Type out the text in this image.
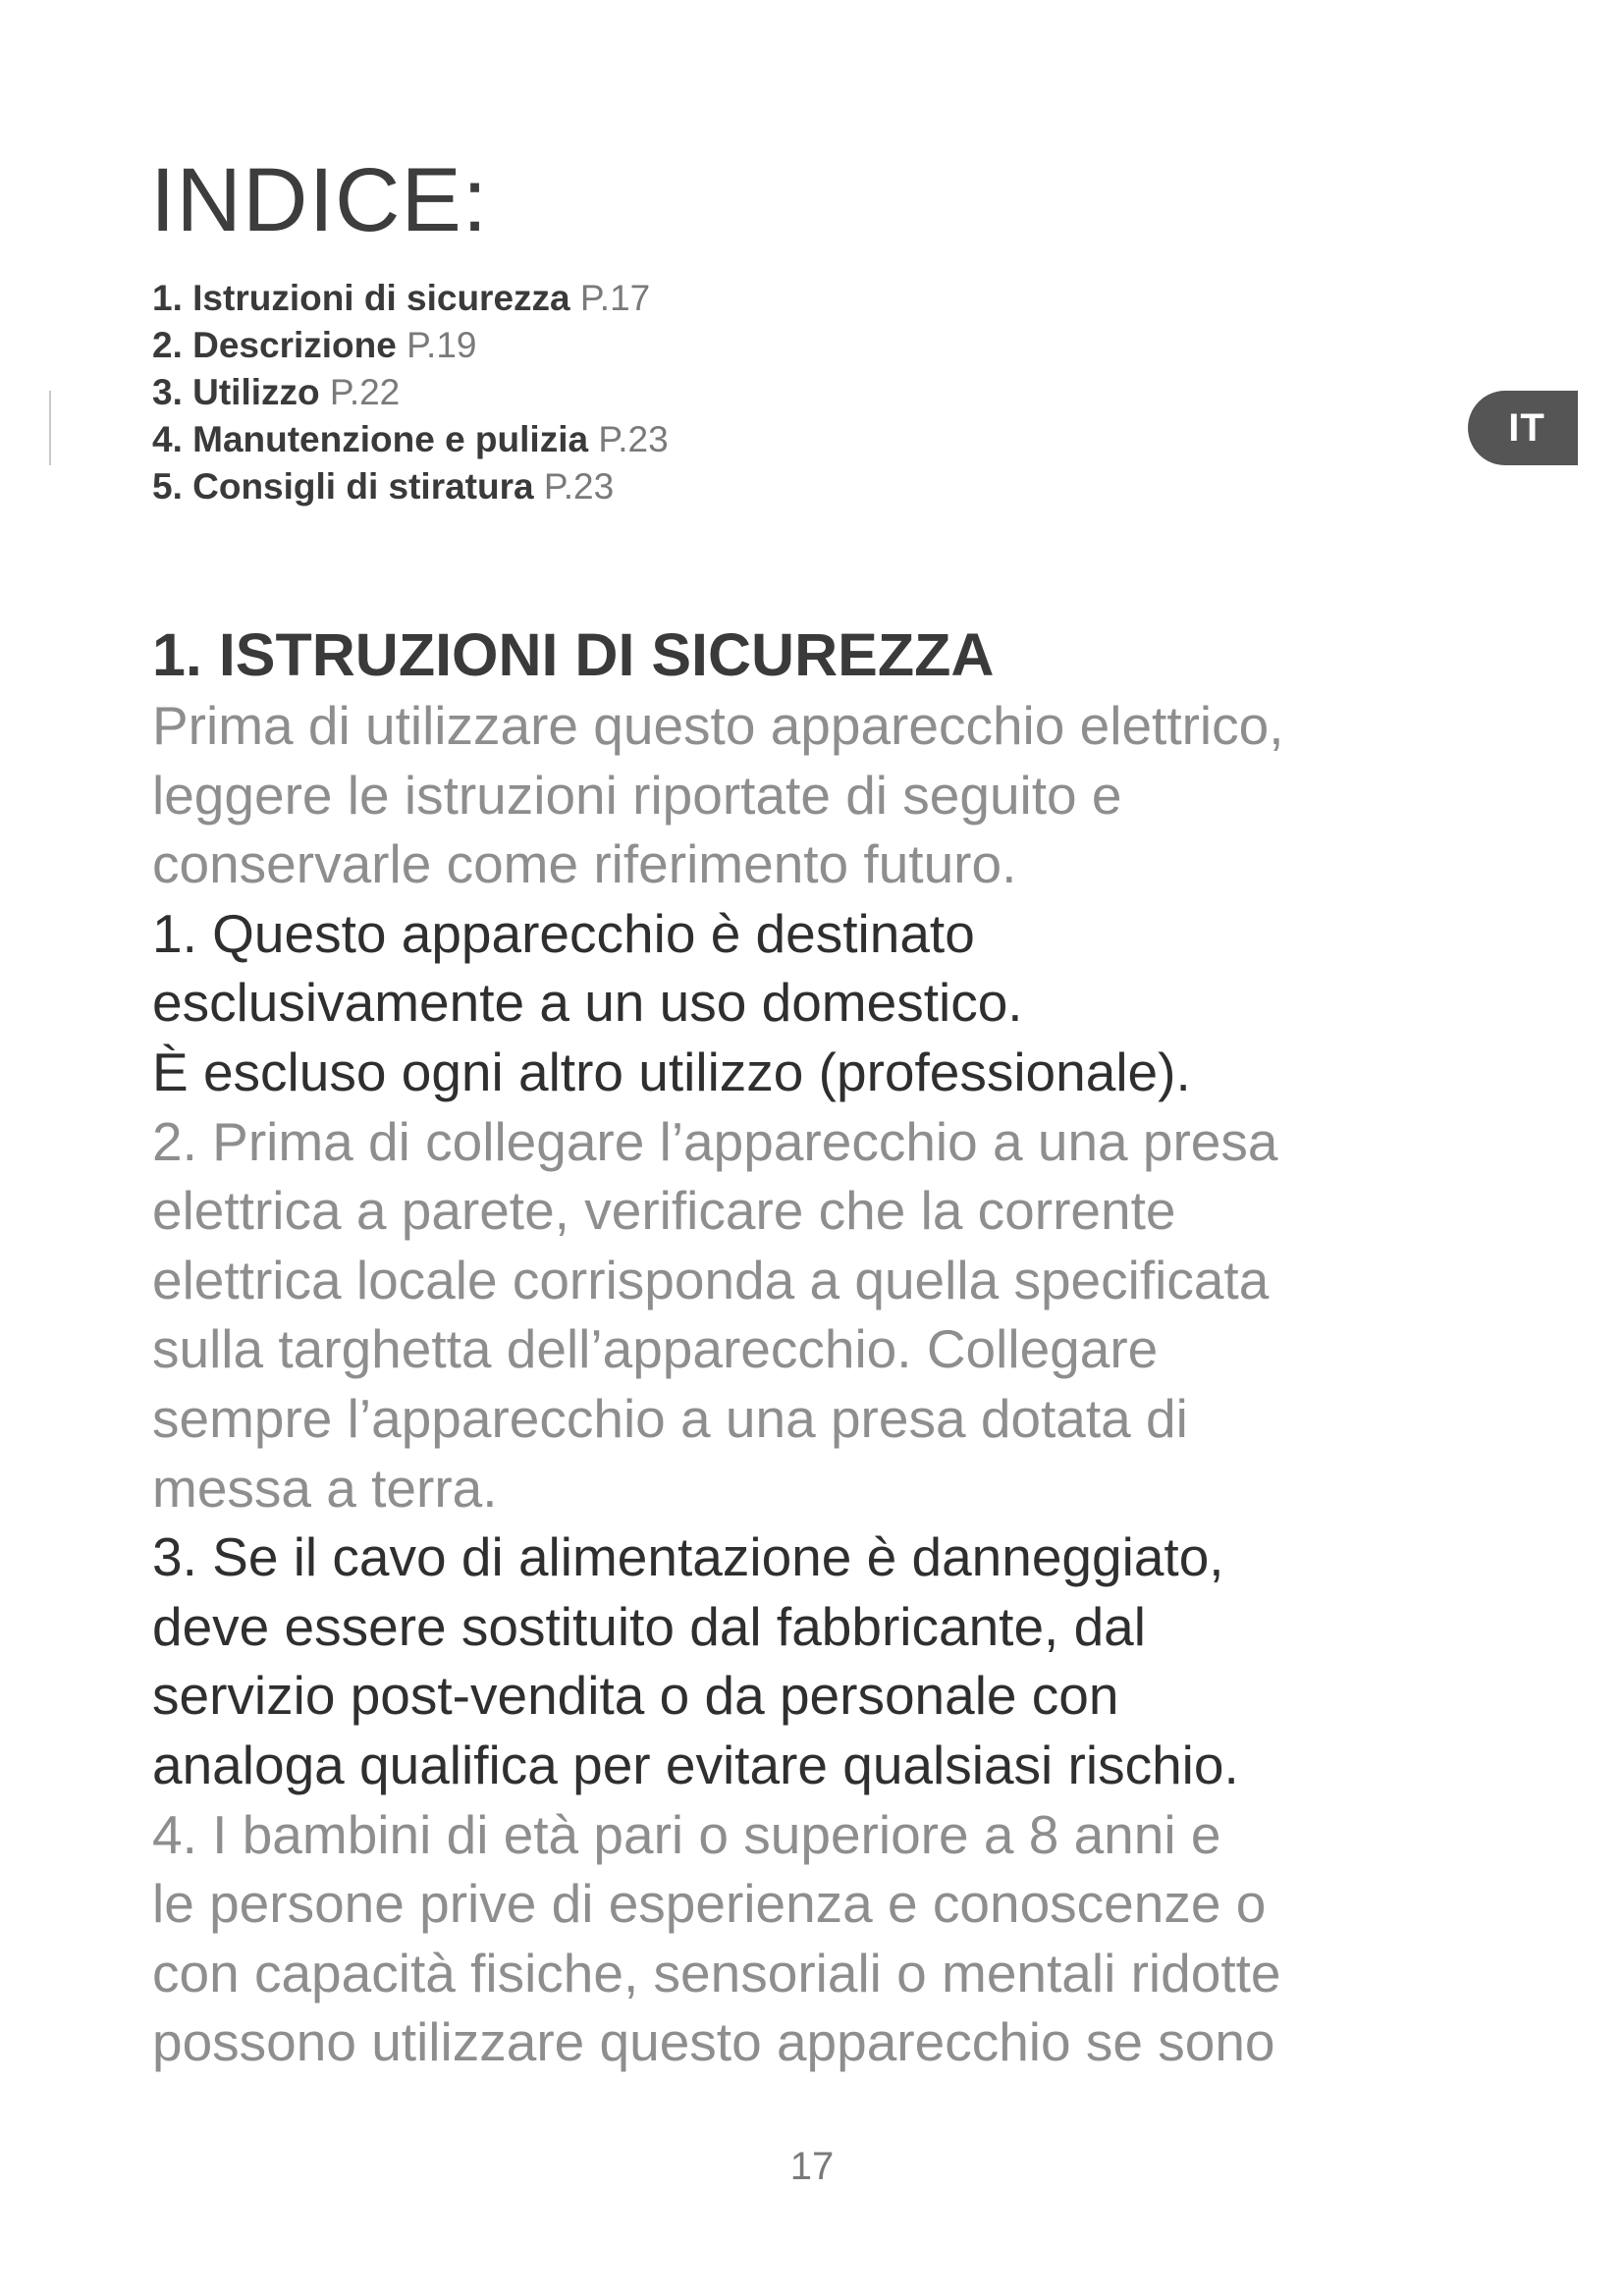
INDICE:
1. Istruzioni di sicurezza P.17
2. Descrizione P.19
3. Utilizzo P.22
4. Manutenzione e pulizia P.23
5. Consigli di stiratura P.23
IT
1. ISTRUZIONI DI SICUREZZA
Prima di utilizzare questo apparecchio elettrico,
leggere le istruzioni riportate di seguito e
conservarle come riferimento futuro.
1. Questo apparecchio è destinato
esclusivamente a un uso domestico.
È escluso ogni altro utilizzo (professionale).
2. Prima di collegare l’apparecchio a una presa
elettrica a parete, verificare che la corrente
elettrica locale corrisponda a quella specificata
sulla targhetta dell’apparecchio. Collegare
sempre l’apparecchio a una presa dotata di
messa a terra.
3. Se il cavo di alimentazione è danneggiato,
deve essere sostituito dal fabbricante, dal
servizio post-vendita o da personale con
analoga qualifica per evitare qualsiasi rischio.
4. I bambini di età pari o superiore a 8 anni e
le persone prive di esperienza e conoscenze o
con capacità fisiche, sensoriali o mentali ridotte
possono utilizzare questo apparecchio se sono
17
